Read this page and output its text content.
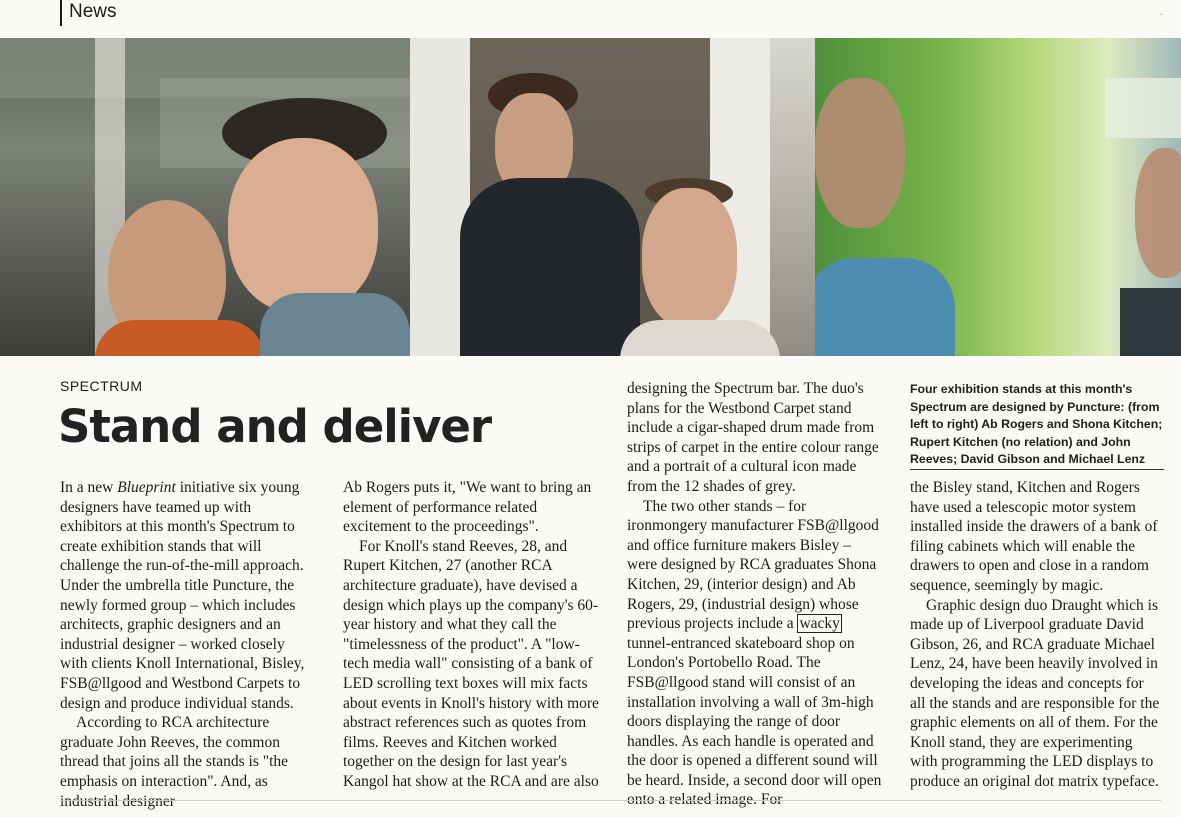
News	·
SPECTRUM
Stand and deliver

In a new Blueprint initiative six young designers have teamed up with exhibitors at this month's Spectrum to create exhibition stands that will challenge the run-of-the-mill approach. Under the umbrella title Puncture, the newly formed group – which includes architects, graphic designers and an industrial designer – worked closely with clients Knoll International, Bisley, FSB@llgood and Westbond Carpets to design and produce individual stands.

According to RCA architecture graduate John Reeves, the common thread that joins all the stands is "the emphasis on interaction". And, as industrial designer

Ab Rogers puts it, "We want to bring an element of performance related excitement to the proceedings".

For Knoll's stand Reeves, 28, and Rupert Kitchen, 27 (another RCA architecture graduate), have devised a design which plays up the company's 60-year history and what they call the "timelessness of the product". A "low-tech media wall" consisting of a bank of LED scrolling text boxes will mix facts about events in Knoll's history with more abstract references such as quotes from films. Reeves and Kitchen worked together on the design for last year's Kangol hat show at the RCA and are also

designing the Spectrum bar. The duo's plans for the Westbond Carpet stand include a cigar-shaped drum made from strips of carpet in the entire colour range and a portrait of a cultural icon made from the 12 shades of grey.

The two other stands – for ironmongery manufacturer FSB@llgood and office furniture makers Bisley – were designed by RCA graduates Shona Kitchen, 29, (interior design) and Ab Rogers, 29, (industrial design) whose previous projects include a wacky tunnel-entranced skateboard shop on London's Portobello Road. The FSB@llgood stand will consist of an installation involving a wall of 3m-high doors displaying the range of door handles. As each handle is operated and the door is opened a different sound will be heard. Inside, a second door will open onto a related image. For

Four exhibition stands at this month's Spectrum are designed by Puncture: (from left to right) Ab Rogers and Shona Kitchen; Rupert Kitchen (no relation) and John Reeves; David Gibson and Michael Lenz

the Bisley stand, Kitchen and Rogers have used a telescopic motor system installed inside the drawers of a bank of filing cabinets which will enable the drawers to open and close in a random sequence, seemingly by magic.

Graphic design duo Draught which is made up of Liverpool graduate David Gibson, 26, and RCA graduate Michael Lenz, 24, have been heavily involved in developing the ideas and concepts for all the stands and are responsible for the graphic elements on all of them. For the Knoll stand, they are experimenting with programming the LED displays to produce an original dot matrix typeface.
